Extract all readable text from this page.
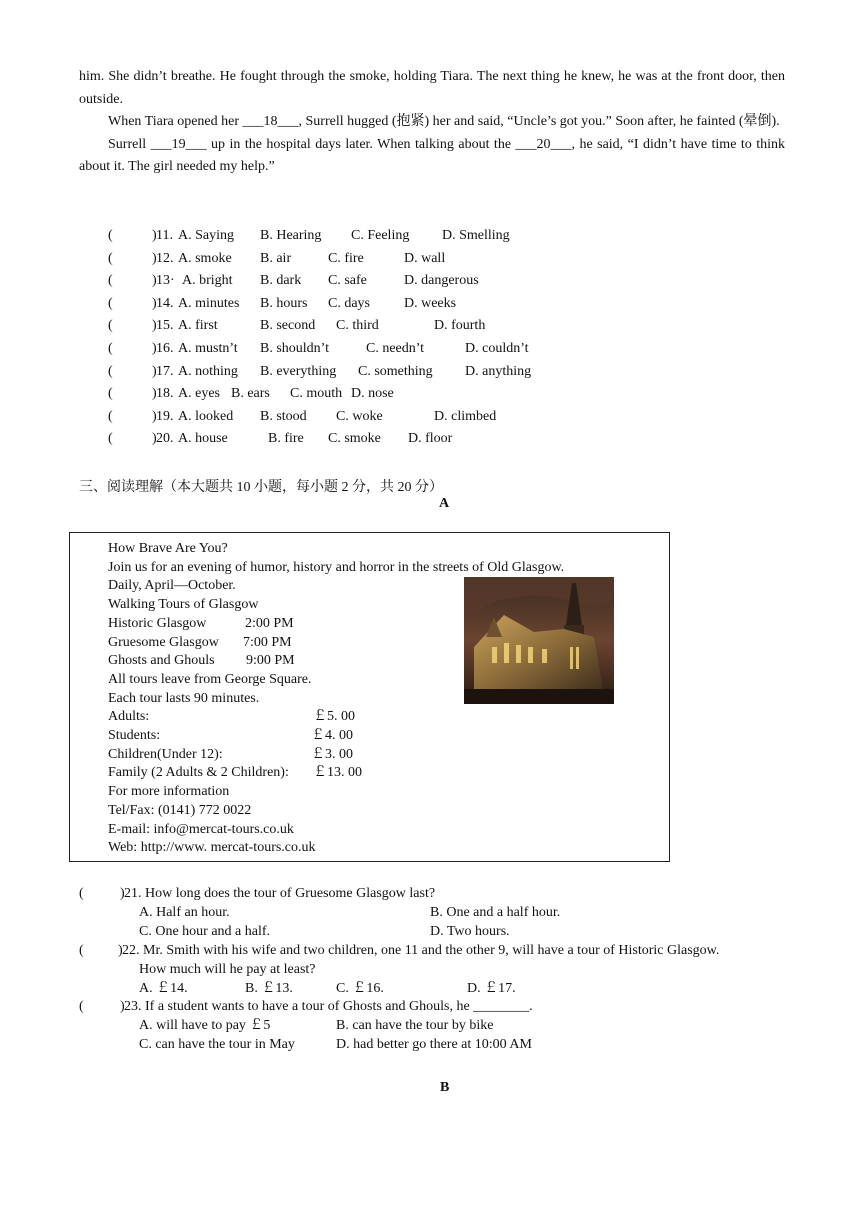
him. She didn’t breathe. He fought through the smoke, holding Tiara. The next thing he knew, he was at the front door, then outside.

When Tiara opened her ___18___, Surrell hugged (抱紧) her and said, “Uncle’s got you.” Soon after, he fainted (晕倒).

Surrell ___19___ up in the hospital days later. When talking about the ___20___, he said, “I didn’t have time to think about it. The girl needed my help.”

(	) 11. A. Saying B. Hearing C. Feeling D. Smelling
(	) 12. A. smoke B. air	C. fire	D. wall
(	) 13· A. bright B. dark C. safe	D. dangerous
(	) 14. A. minutes B. hours C. days D. weeks
(	) 15. A. first	B. second C. third	D. fourth
(	) 16. A. mustn’t B. shouldn’t	C. needn’t	D. couldn’t
(	) 17. A. nothing B. everything C. something D. anything
(	) 18. A. eyes B. ears C. mouth D. nose
(	) 19. A. looked B. stood C. woke	D. climbed
(	) 20. A. house	B. fire C. smoke D. floor
三、阅读理解（本大题共 10 小题，每小题 2 分，共 20 分）
A
How Brave Are You?
Join us for an evening of humor, history and horror in the streets of Old Glasgow.
Daily, April—October.
Walking Tours of Glasgow
Historic Glasgow	2:00 PM
Gruesome Glasgow 7:00 PM
Ghosts and Ghouls 9:00 PM
All tours leave from George Square.
Each tour lasts 90 minutes.
Adults:	￡5. 00
Students:	￡4. 00
Children(Under 12):	￡3. 00
Family (2 Adults & 2 Children): ￡13. 00
For more information
Tel/Fax: (0141) 772 0022
E-mail: info@mercat-tours.co.uk
Web: http://www. mercat-tours.co.uk
(	) 21. How long does the tour of Gruesome Glasgow last?
A. Half an hour.	B. One and a half hour.
C. One hour and a half.	D. Two hours.
( ) 22. Mr. Smith with his wife and two children, one 11 and the other 9, will have a tour of Historic Glasgow.
How much will he pay at least?
A. ￡14.	B. ￡13.	C. ￡16.	D. ￡17.
(	) 23. If a student wants to have a tour of Ghosts and Ghouls, he ________.
A. will have to pay ￡5	B. can have the tour by bike
C. can have the tour in May	D. had better go there at 10:00 AM
B
